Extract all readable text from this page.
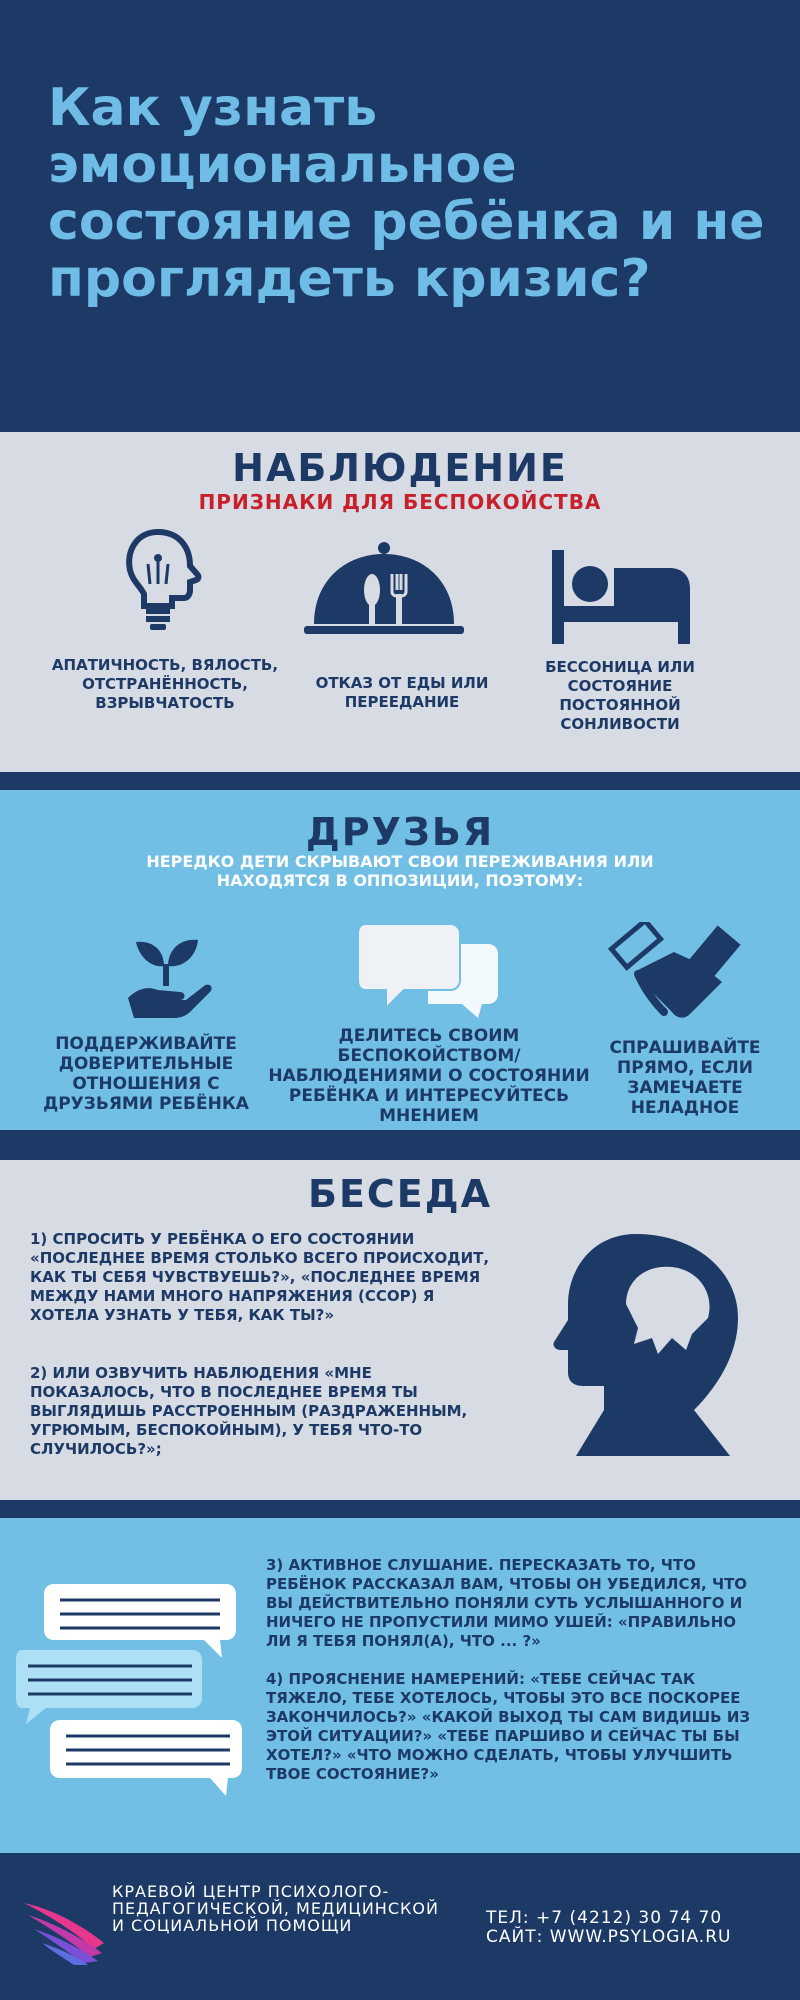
Как узнать эмоциональное состояние ребёнка и не проглядеть кризис?
НАБЛЮДЕНИЕ
ПРИЗНАКИ ДЛЯ БЕСПОКОЙСТВА
АПАТИЧНОСТЬ, ВЯЛОСТЬ, ОТСТРАНЁННОСТЬ, ВЗРЫВЧАТОСТЬ
ОТКАЗ ОТ ЕДЫ ИЛИ ПЕРЕЕДАНИЕ
БЕССОНИЦА ИЛИ СОСТОЯНИЕ ПОСТОЯННОЙ СОНЛИВОСТИ
ДРУЗЬЯ
НЕРЕДКО ДЕТИ СКРЫВАЮТ СВОИ ПЕРЕЖИВАНИЯ ИЛИ НАХОДЯТСЯ В ОППОЗИЦИИ, ПОЭТОМУ:
ПОДДЕРЖИВАЙТЕ ДОВЕРИТЕЛЬНЫЕ ОТНОШЕНИЯ С ДРУЗЬЯМИ РЕБЁНКА
ДЕЛИТЕСЬ СВОИМ БЕСПОКОЙСТВОМ/ НАБЛЮДЕНИЯМИ О СОСТОЯНИИ РЕБЁНКА И ИНТЕРЕСУЙТЕСЬ МНЕНИЕМ
СПРАШИВАЙТЕ ПРЯМО, ЕСЛИ ЗАМЕЧАЕТЕ НЕЛАДНОЕ
БЕСЕДА
1) СПРОСИТЬ У РЕБЁНКА О ЕГО СОСТОЯНИИ «ПОСЛЕДНЕЕ ВРЕМЯ СТОЛЬКО ВСЕГО ПРОИСХОДИТ, КАК ТЫ СЕБЯ ЧУВСТВУЕШЬ?», «ПОСЛЕДНЕЕ ВРЕМЯ МЕЖДУ НАМИ МНОГО НАПРЯЖЕНИЯ (ССОР) Я ХОТЕЛА УЗНАТЬ У ТЕБЯ, КАК ТЫ?»
2) ИЛИ ОЗВУЧИТЬ НАБЛЮДЕНИЯ «МНЕ ПОКАЗАЛОСЬ, ЧТО В ПОСЛЕДНЕЕ ВРЕМЯ ТЫ ВЫГЛЯДИШЬ РАССТРОЕННЫМ (РАЗДРАЖЕННЫМ, УГРЮМЫМ, БЕСПОКОЙНЫМ), У ТЕБЯ ЧТО-ТО СЛУЧИЛОСЬ?»;
3) АКТИВНОЕ СЛУШАНИЕ. ПЕРЕСКАЗАТЬ ТО, ЧТО РЕБЁНОК РАССКАЗАЛ ВАМ, ЧТОБЫ ОН УБЕДИЛСЯ, ЧТО ВЫ ДЕЙСТВИТЕЛЬНО ПОНЯЛИ СУТЬ УСЛЫШАННОГО И НИЧЕГО НЕ ПРОПУСТИЛИ МИМО УШЕЙ: «ПРАВИЛЬНО ЛИ Я ТЕБЯ ПОНЯЛ(А), ЧТО ... ?»
4) ПРОЯСНЕНИЕ НАМЕРЕНИЙ: «ТЕБЕ СЕЙЧАС ТАК ТЯЖЕЛО, ТЕБЕ ХОТЕЛОСЬ, ЧТОБЫ ЭТО ВСЕ ПОСКОРЕЕ ЗАКОНЧИЛОСЬ?» «КАКОЙ ВЫХОД ТЫ САМ ВИДИШЬ ИЗ ЭТОЙ СИТУАЦИИ?» «ТЕБЕ ПАРШИВО И СЕЙЧАС ТЫ БЫ ХОТЕЛ?» «ЧТО МОЖНО СДЕЛАТЬ, ЧТОБЫ УЛУЧШИТЬ ТВОЕ СОСТОЯНИЕ?»
КРАЕВОЙ ЦЕНТР ПСИХОЛОГО-ПЕДАГОГИЧЕСКОЙ, МЕДИЦИНСКОЙ И СОЦИАЛЬНОЙ ПОМОЩИ	ТЕЛ: +7 (4212) 30 74 70
САЙТ: WWW.PSYLOGIA.RU
